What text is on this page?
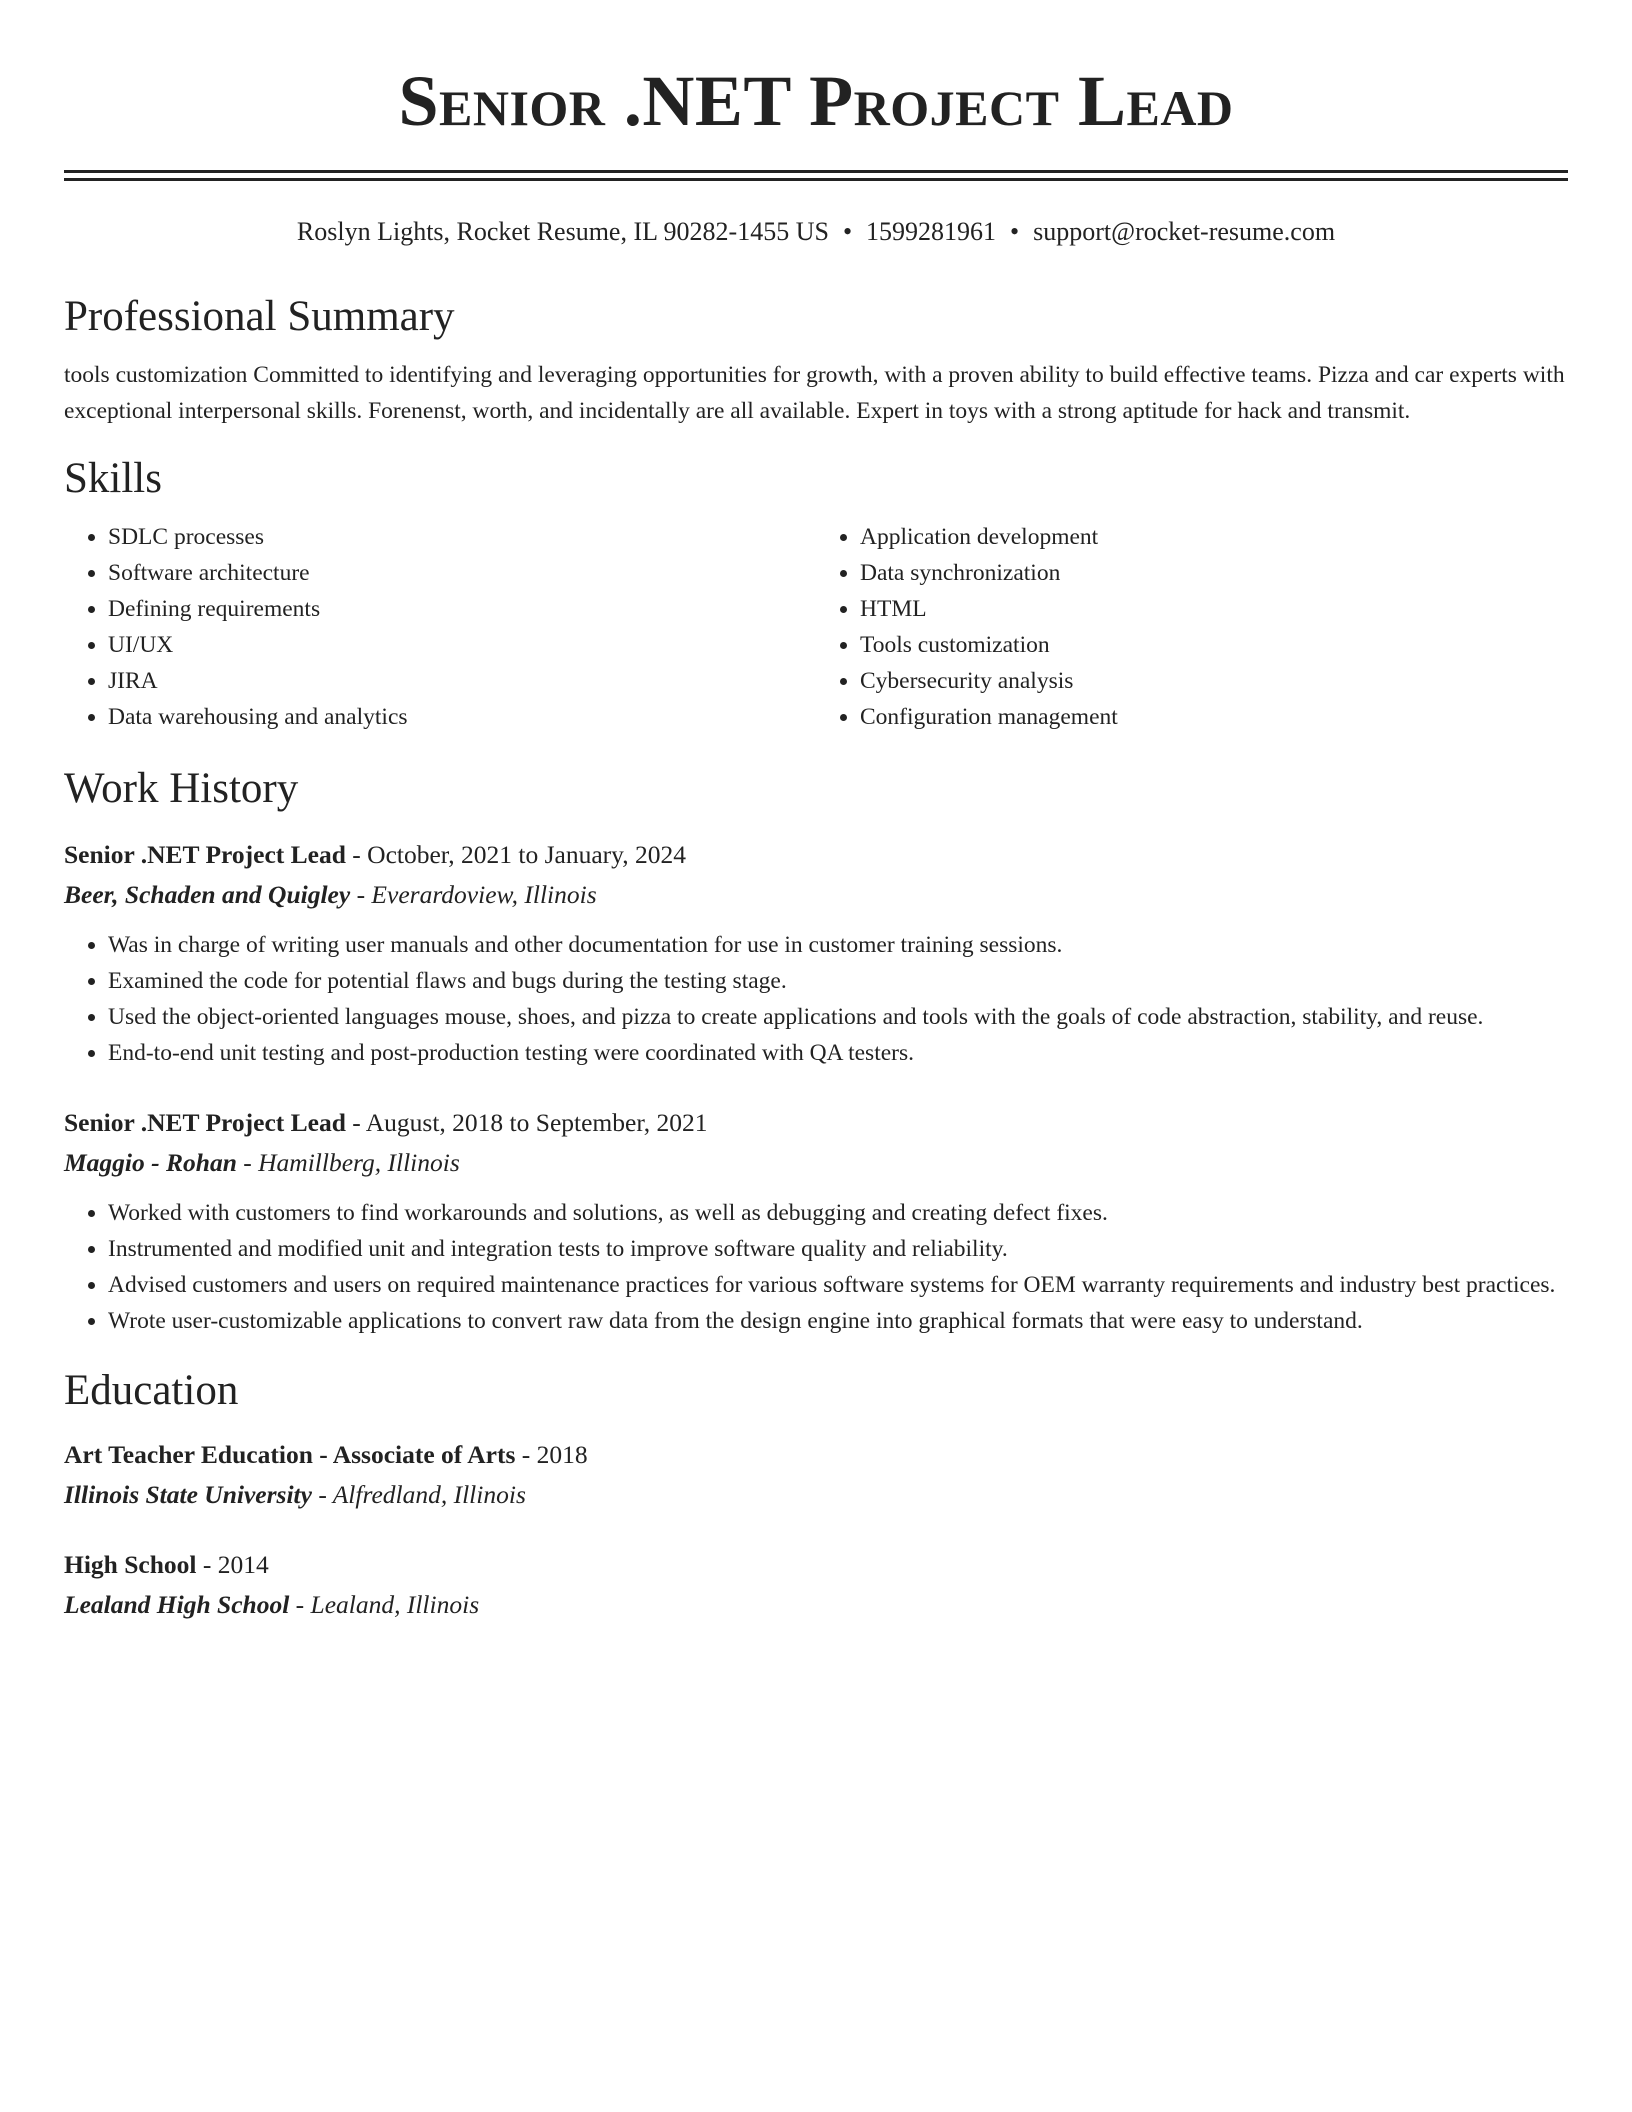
Senior .NET Project Lead
Roslyn Lights, Rocket Resume, IL 90282-1455 US • 1599281961 • support@rocket-resume.com
Professional Summary

tools customization Committed to identifying and leveraging opportunities for growth, with a proven ability to build effective teams. Pizza and car experts with exceptional interpersonal skills. Forenenst, worth, and incidentally are all available. Expert in toys with a strong aptitude for hack and transmit.

Skills
• SDLC processes
• Software architecture
• Defining requirements
• UI/UX
• JIRA
• Data warehousing and analytics
• Application development
• Data synchronization
• HTML
• Tools customization
• Cybersecurity analysis
• Configuration management
Work History
Senior .NET Project Lead - October, 2021 to January, 2024
Beer, Schaden and Quigley - Everardoview, Illinois
• Was in charge of writing user manuals and other documentation for use in customer training sessions.
• Examined the code for potential flaws and bugs during the testing stage.
• Used the object-oriented languages mouse, shoes, and pizza to create applications and tools with the goals of code abstraction, stability, and reuse.
• End-to-end unit testing and post-production testing were coordinated with QA testers.
Senior .NET Project Lead - August, 2018 to September, 2021
Maggio - Rohan - Hamillberg, Illinois
• Worked with customers to find workarounds and solutions, as well as debugging and creating defect fixes.
• Instrumented and modified unit and integration tests to improve software quality and reliability.
• Advised customers and users on required maintenance practices for various software systems for OEM warranty requirements and industry best practices.
• Wrote user-customizable applications to convert raw data from the design engine into graphical formats that were easy to understand.
Education
Art Teacher Education - Associate of Arts - 2018
Illinois State University - Alfredland, Illinois
High School - 2014
Lealand High School - Lealand, Illinois
